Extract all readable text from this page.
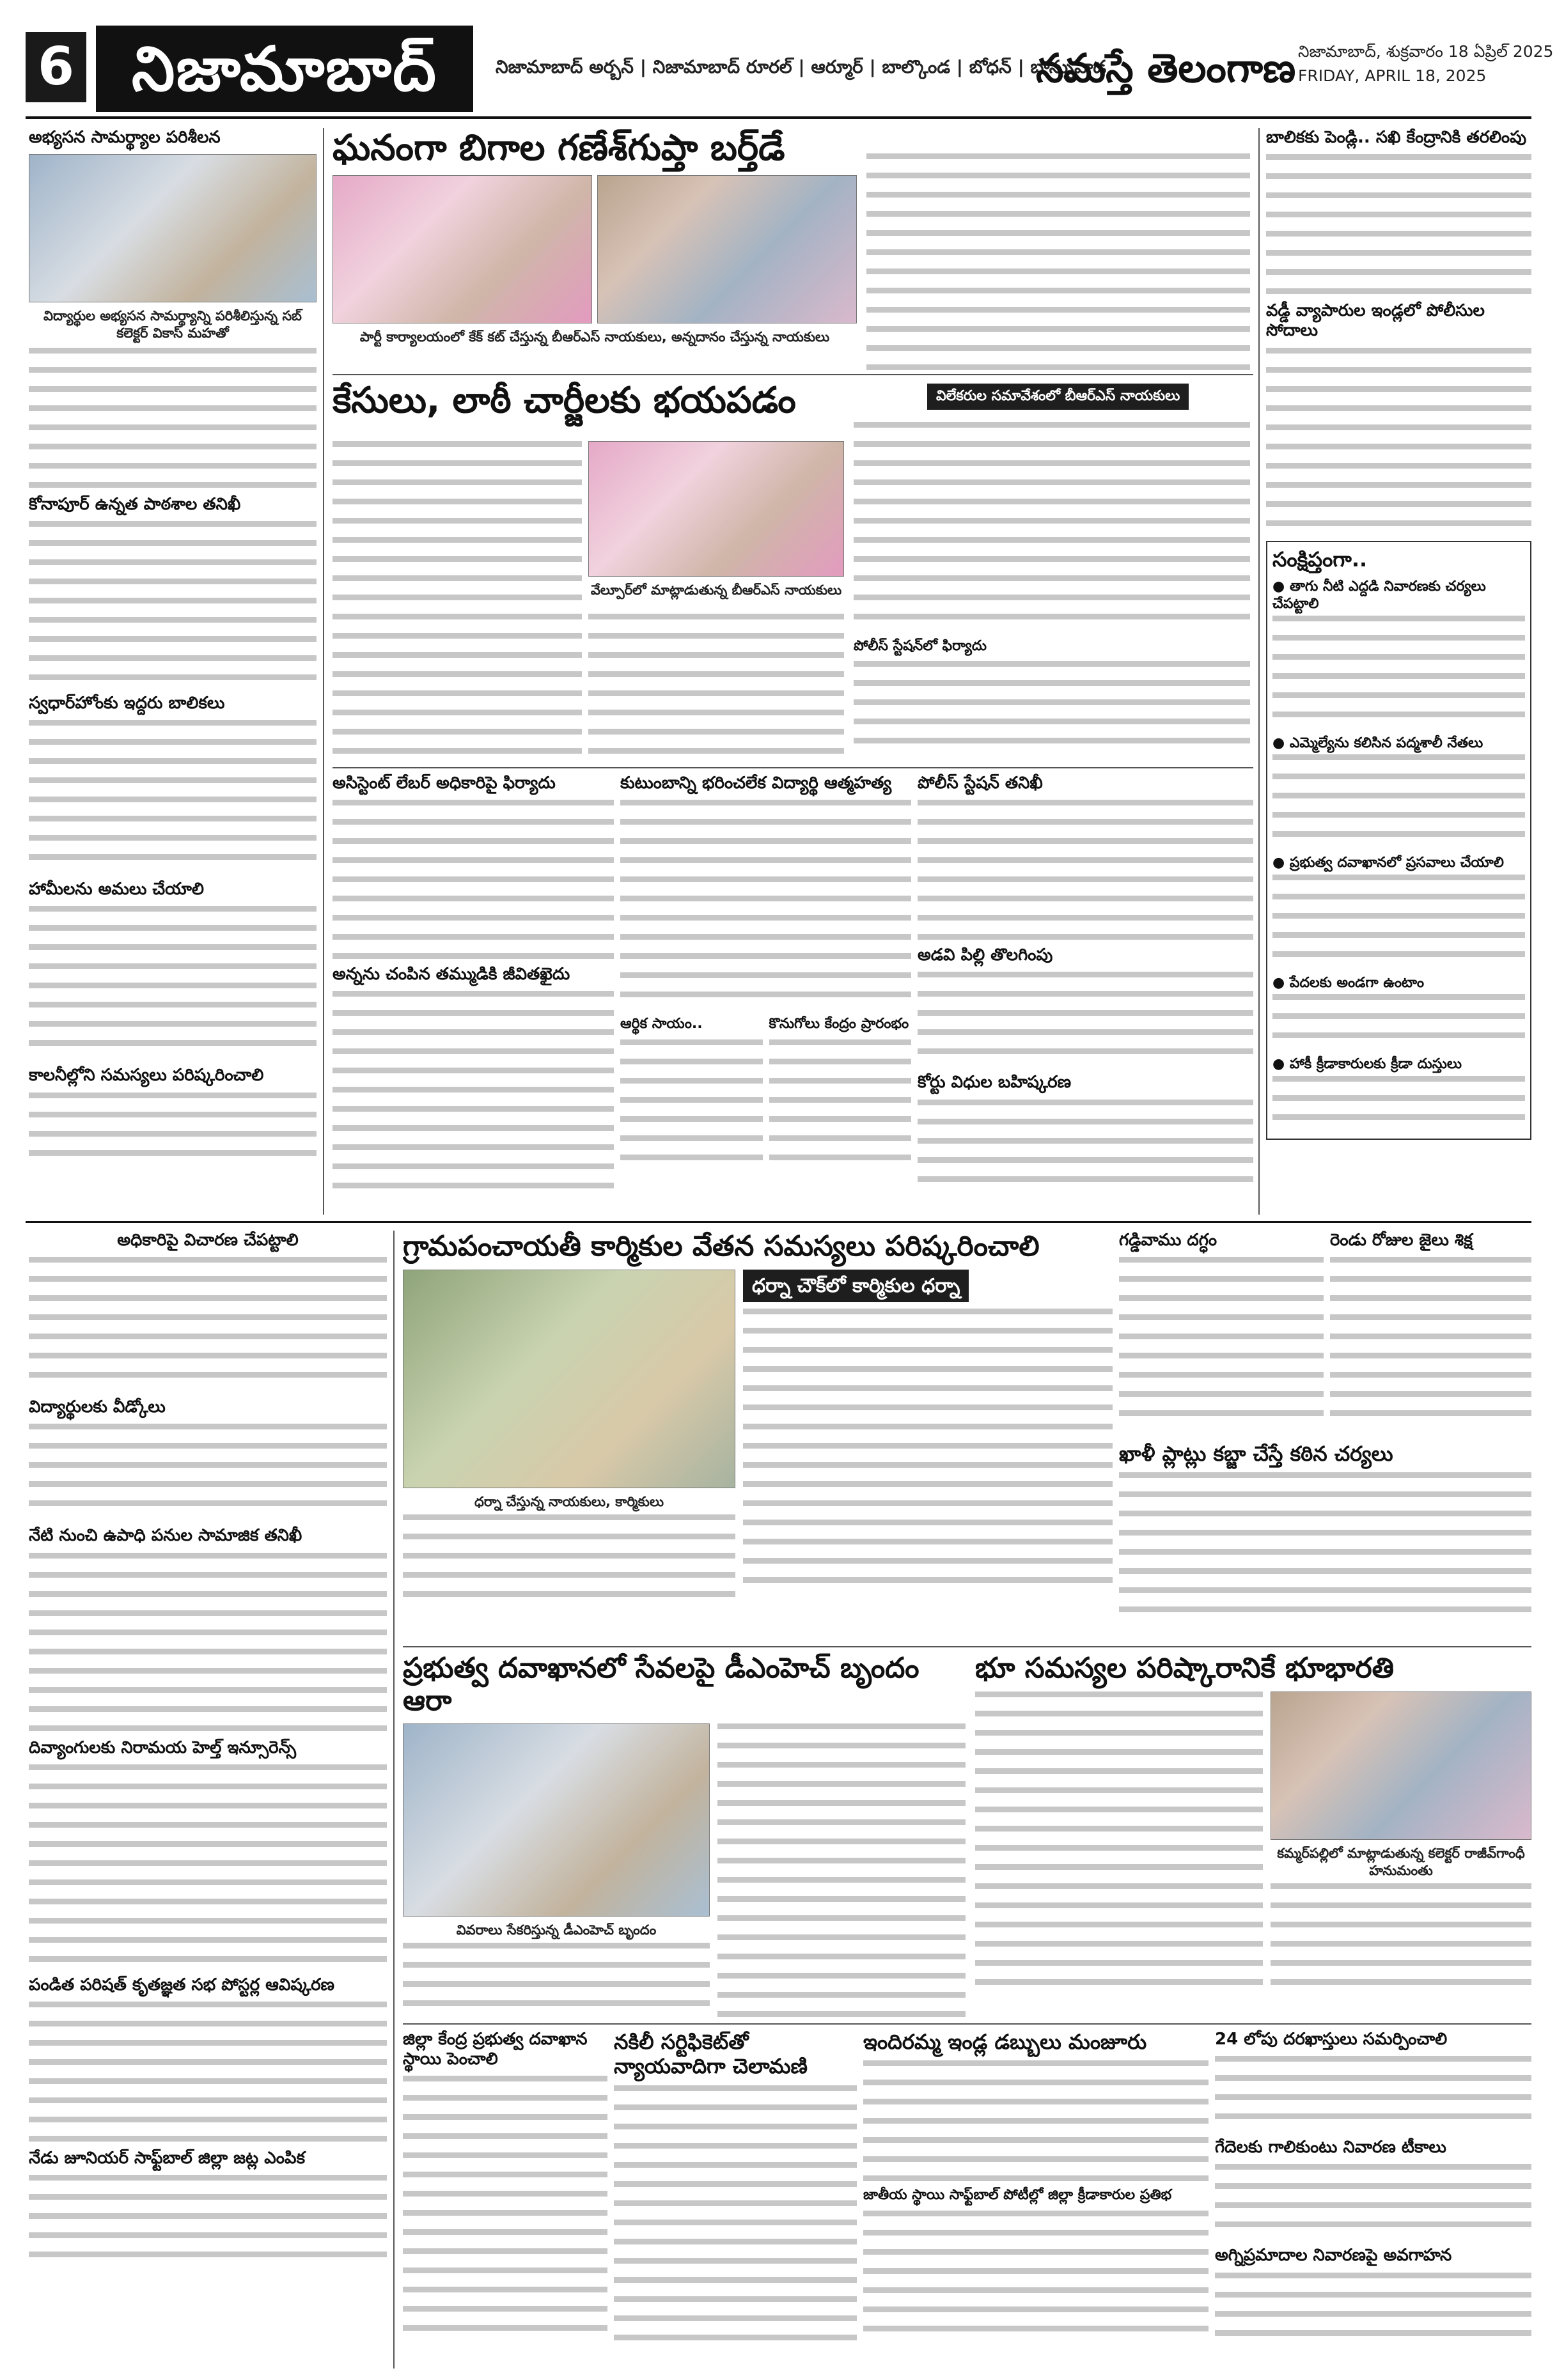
6 నిజామాబాద్	నిజామాబాద్ అర్బన్ | నిజామాబాద్ రూరల్ | ఆర్మూర్ | బాల్కొండ | బోధన్ | బాన్సువాడ
నమస్తే తెలంగాణ నిజామాబాద్, శుక్రవారం 18 ఏప్రిల్ 2025
FRIDAY, APRIL 18, 2025
అభ్యసన సామర్థ్యాల పరిశీలన
విద్యార్థుల అభ్యసన సామర్థ్యాన్ని పరిశీలిస్తున్న సబ్ కలెక్టర్ వికాస్ మహతో
కోనాపూర్ ఉన్నత పాఠశాల తనిఖీ
స్వధార్‌హోంకు ఇద్దరు బాలికలు
హామీలను అమలు చేయాలి
కాలనీల్లోని సమస్యలు పరిష్కరించాలి
ఘనంగా బిగాల గణేశ్‌గుప్తా బర్త్‌డే
పార్టీ కార్యాలయంలో కేక్ కట్ చేస్తున్న బీఆర్ఎస్ నాయకులు, అన్నదానం చేస్తున్న నాయకులు
కేసులు, లాఠీ చార్జీలకు భయపడం	విలేకరుల సమావేశంలో బీఆర్ఎస్ నాయకులు
వేల్పూర్‌లో మాట్లాడుతున్న బీఆర్ఎస్ నాయకులు
పోలీస్ స్టేషన్‌లో ఫిర్యాదు
బాలికకు పెండ్లి.. సఖి కేంద్రానికి తరలింపు
వడ్డీ వ్యాపారుల ఇండ్లలో పోలీసుల సోదాలు
సంక్షిప్తంగా..
● తాగు నీటి ఎద్దడి నివారణకు చర్యలు చేపట్టాలి
● ఎమ్మెల్యేను కలిసిన పద్మశాలీ నేతలు
● ప్రభుత్వ దవాఖానలో ప్రసవాలు చేయాలి
● పేదలకు అండగా ఉంటాం
● హాకీ క్రీడాకారులకు క్రీడా దుస్తులు
అసిస్టెంట్ లేబర్ అధికారిపై ఫిర్యాదు
అన్నను చంపిన తమ్ముడికి జీవితఖైదు
కుటుంబాన్ని భరించలేక విద్యార్థి ఆత్మహత్య
ఆర్థిక సాయం..	కొనుగోలు కేంద్రం ప్రారంభం
పోలీస్ స్టేషన్ తనిఖీ
అడవి పిల్లి తొలగింపు
కోర్టు విధుల బహిష్కరణ
అధికారిపై విచారణ చేపట్టాలి
విద్యార్థులకు వీడ్కోలు
నేటి నుంచి ఉపాధి పనుల సామాజిక తనిఖీ
దివ్యాంగులకు నిరామయ హెల్త్ ఇన్సూరెన్స్
పండిత పరిషత్ కృతజ్ఞత సభ పోస్టర్ల ఆవిష్కరణ
నేడు జూనియర్ సాఫ్ట్‌బాల్ జిల్లా జట్ల ఎంపిక
గ్రామపంచాయతీ కార్మికుల వేతన సమస్యలు పరిష్కరించాలి
ధర్నా చేస్తున్న నాయకులు, కార్మికులు
ధర్నా చౌక్‌లో కార్మికుల ధర్నా
గడ్డివాము దగ్ధం	రెండు రోజుల జైలు శిక్ష
ఖాళీ ప్లాట్లు కబ్జా చేస్తే కఠిన చర్యలు
ప్రభుత్వ దవాఖానలో సేవలపై డీఎంహెచ్ బృందం ఆరా
వివరాలు సేకరిస్తున్న డీఎంహెచ్ బృందం
భూ సమస్యల పరిష్కారానికే భూభారతి
కమ్మర్‌పల్లిలో మాట్లాడుతున్న కలెక్టర్ రాజీవ్‌గాంధీ హనుమంతు
జిల్లా కేంద్ర ప్రభుత్వ దవాఖాన స్థాయి పెంచాలి
నకిలీ సర్టిఫికెట్‌తో న్యాయవాదిగా చెలామణి
ఇందిరమ్మ ఇండ్ల డబ్బులు మంజూరు
జాతీయ స్థాయి సాఫ్ట్‌బాల్ పోటీల్లో జిల్లా క్రీడాకారుల ప్రతిభ
24 లోపు దరఖాస్తులు సమర్పించాలి
గేదెలకు గాలికుంటు నివారణ టీకాలు
అగ్నిప్రమాదాల నివారణపై అవగాహన
